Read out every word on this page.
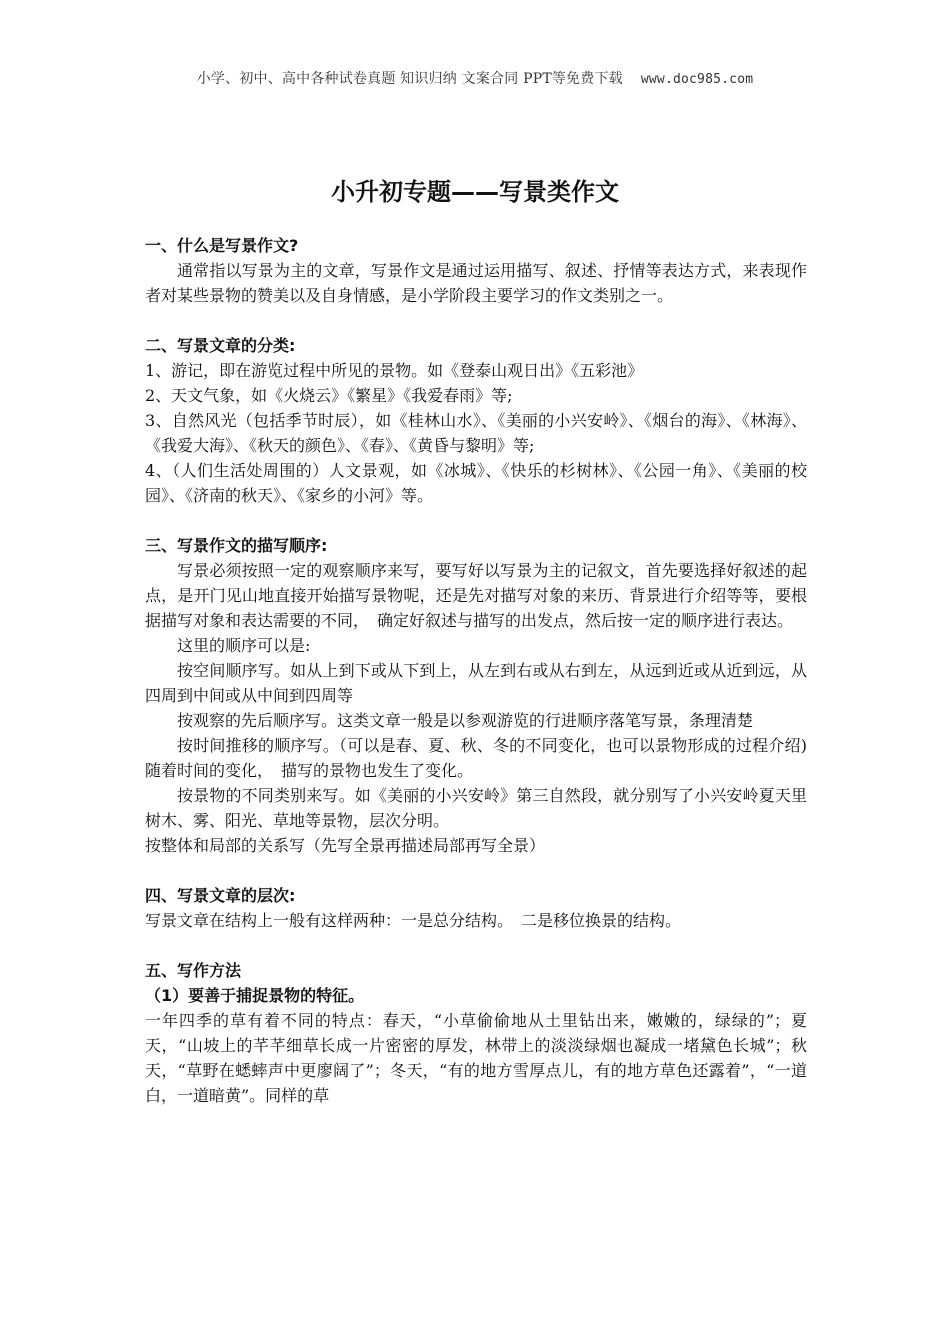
小学、初中、高中各种试卷真题 知识归纳 文案合同 PPT等免费下载 www.doc985.com
小升初专题——写景类作文
一、什么是写景作文?

通常指以写景为主的文章，写景作文是通过运用描写、叙述、抒情等表达方式，来表现作者对某些景物的赞美以及自身情感，是小学阶段主要学习的作文类别之一。

二、写景文章的分类:

1、游记，即在游览过程中所见的景物。如《登泰山观日出》《五彩池》

2、天文气象，如《火烧云》《繁星》《我爱春雨》等;

3、自然风光（包括季节时辰），如《桂林山水》、《美丽的小兴安岭》、《烟台的海》、《林海》、《我爱大海》、《秋天的颜色》、《春》、《黄昏与黎明》等;

4、（人们生活处周围的）人文景观，如《冰城》、《快乐的杉树林》、《公园一角》、《美丽的校园》、《济南的秋天》、《家乡的小河》等。

三、写景作文的描写顺序:

写景必须按照一定的观察顺序来写，要写好以写景为主的记叙文，首先要选择好叙述的起点，是开门见山地直接开始描写景物呢，还是先对描写对象的来历、背景进行介绍等等，要根据描写对象和表达需要的不同，　确定好叙述与描写的出发点，然后按一定的顺序进行表达。

这里的顺序可以是:

按空间顺序写。如从上到下或从下到上，从左到右或从右到左，从远到近或从近到远，从四周到中间或从中间到四周等

按观察的先后顺序写。这类文章一般是以参观游览的行进顺序落笔写景，条理清楚

按时间推移的顺序写。（可以是春、夏、秋、冬的不同变化，也可以景物形成的过程介绍)随着时间的变化，　描写的景物也发生了变化。

按景物的不同类别来写。如《美丽的小兴安岭》第三自然段，就分别写了小兴安岭夏天里树木、雾、阳光、草地等景物，层次分明。

按整体和局部的关系写（先写全景再描述局部再写全景）

四、写景文章的层次:

写景文章在结构上一般有这样两种：一是总分结构。　二是移位换景的结构。

五、写作方法
（1）要善于捕捉景物的特征。

一年四季的草有着不同的特点：春天，“小草偷偷地从土里钻出来，嫩嫩的，绿绿的”；夏天，“山坡上的芊芊细草长成一片密密的厚发，林带上的淡淡绿烟也凝成一堵黛色长城”；秋天，“草野在蟋蟀声中更廖阔了”；冬天，“有的地方雪厚点儿，有的地方草色还露着”，“一道白，一道暗黄”。同样的草
